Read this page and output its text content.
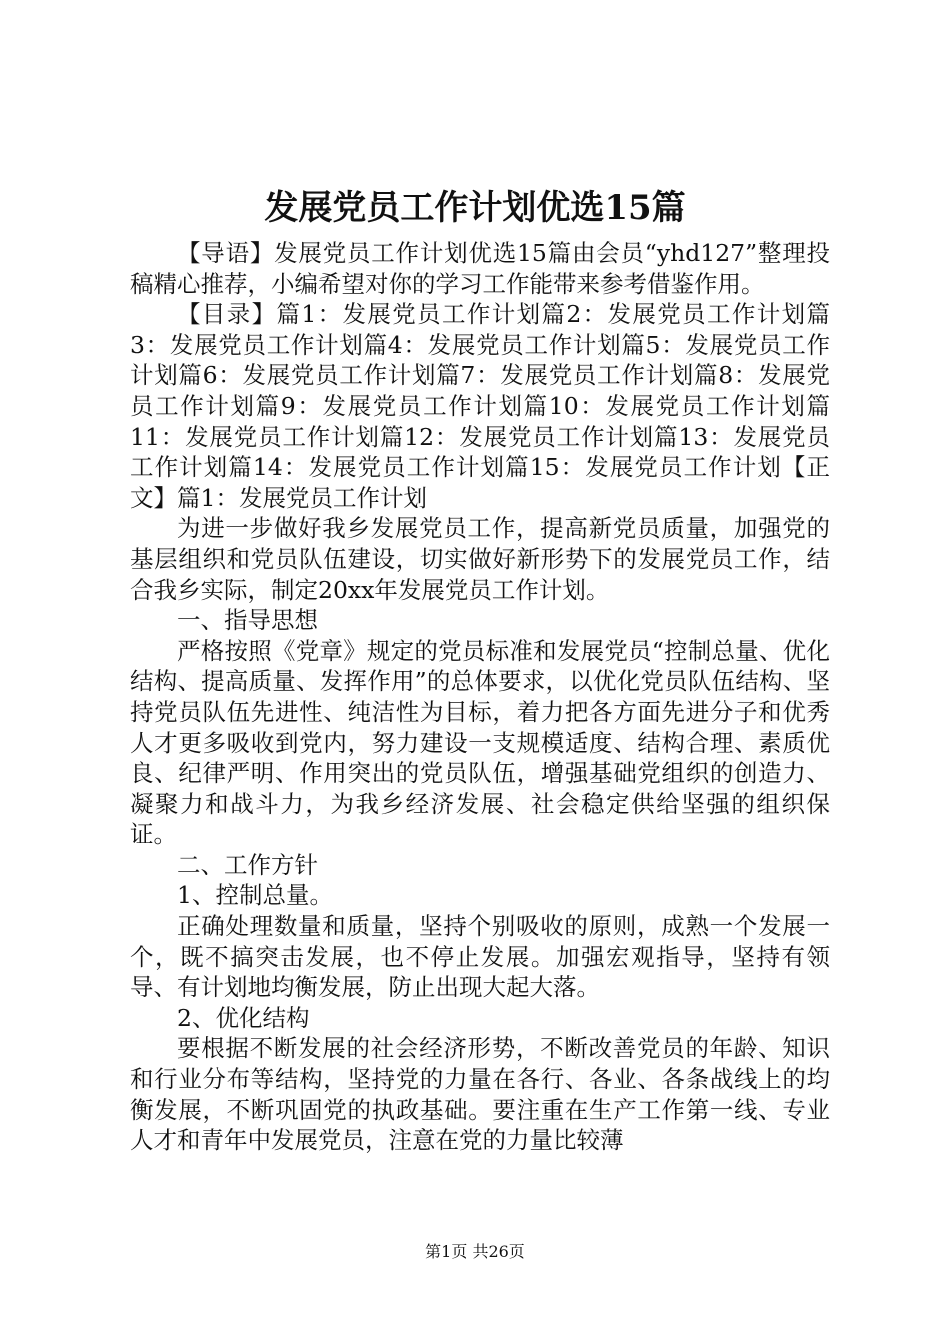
发展党员工作计划优选15篇

【导语】发展党员工作计划优选15篇由会员“yhd127”整理投稿精心推荐，小编希望对你的学习工作能带来参考借鉴作用。

【目录】篇1：发展党员工作计划篇2：发展党员工作计划篇3：发展党员工作计划篇4：发展党员工作计划篇5：发展党员工作计划篇6：发展党员工作计划篇7：发展党员工作计划篇8：发展党员工作计划篇9：发展党员工作计划篇10：发展党员工作计划篇11：发展党员工作计划篇12：发展党员工作计划篇13：发展党员工作计划篇14：发展党员工作计划篇15：发展党员工作计划【正文】篇1：发展党员工作计划

为进一步做好我乡发展党员工作，提高新党员质量，加强党的基层组织和党员队伍建设，切实做好新形势下的发展党员工作，结合我乡实际，制定20xx年发展党员工作计划。

一、指导思想

严格按照《党章》规定的党员标准和发展党员“控制总量、优化结构、提高质量、发挥作用”的总体要求，以优化党员队伍结构、坚持党员队伍先进性、纯洁性为目标，着力把各方面先进分子和优秀人才更多吸收到党内，努力建设一支规模适度、结构合理、素质优良、纪律严明、作用突出的党员队伍，增强基础党组织的创造力、凝聚力和战斗力，为我乡经济发展、社会稳定供给坚强的组织保证。

二、工作方针

1、控制总量。

正确处理数量和质量，坚持个别吸收的原则，成熟一个发展一个，既不搞突击发展，也不停止发展。加强宏观指导，坚持有领导、有计划地均衡发展，防止出现大起大落。

2、优化结构

要根据不断发展的社会经济形势，不断改善党员的年龄、知识和行业分布等结构，坚持党的力量在各行、各业、各条战线上的均衡发展，不断巩固党的执政基础。要注重在生产工作第一线、专业人才和青年中发展党员，注意在党的力量比较薄

第1页 共26页
